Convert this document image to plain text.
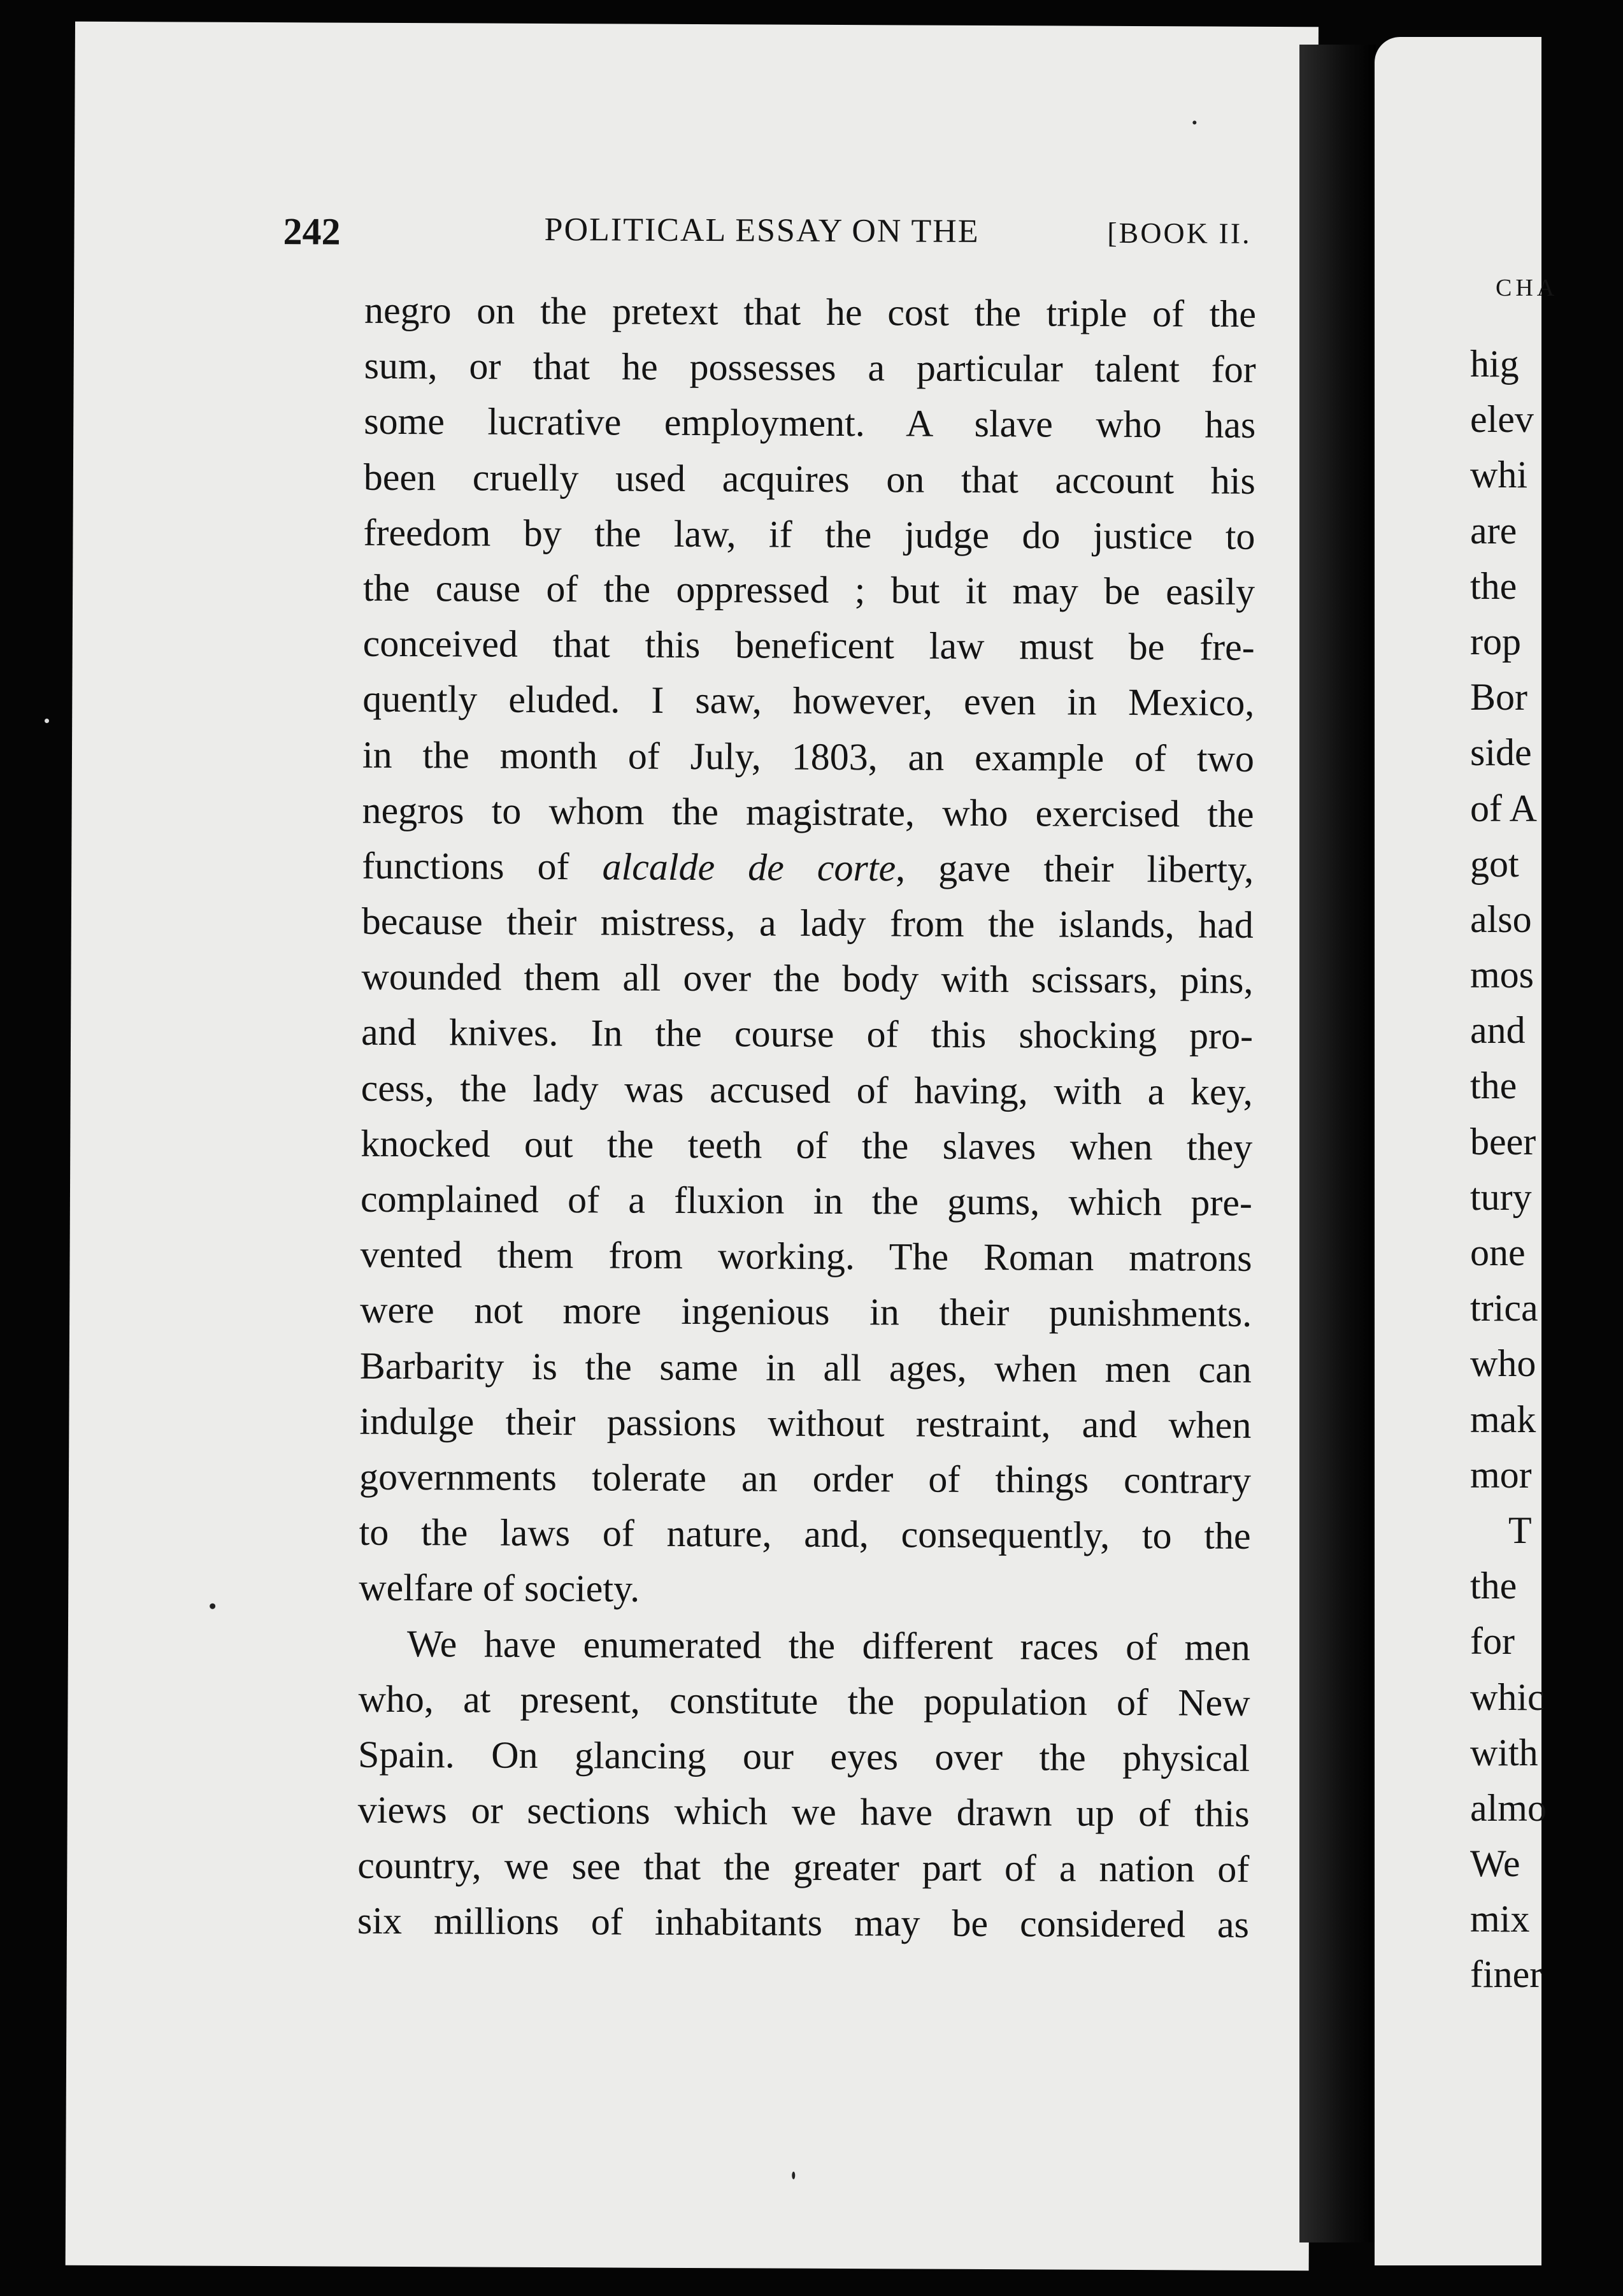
242	POLITICAL ESSAY ON THE	[BOOK II.
negro on the pretext that he cost the triple of the
sum, or that he possesses a particular talent for
some lucrative employment. A slave who has
been cruelly used acquires on that account his
freedom by the law, if the judge do justice to
the cause of the oppressed ; but it may be easily
conceived that this beneficent law must be fre-
quently eluded. I saw, however, even in Mexico,
in the month of July, 1803, an example of two
negros to whom the magistrate, who exercised the
functions of alcalde de corte, gave their liberty,
because their mistress, a lady from the islands, had
wounded them all over the body with scissars, pins,
and knives. In the course of this shocking pro-
cess, the lady was accused of having, with a key,
knocked out the teeth of the slaves when they
complained of a fluxion in the gums, which pre-
vented them from working. The Roman matrons
were not more ingenious in their punishments.
Barbarity is the same in all ages, when men can
indulge their passions without restraint, and when
governments tolerate an order of things contrary
to the laws of nature, and, consequently, to the
welfare of society.
We have enumerated the different races of men
who, at present, constitute the population of New
Spain. On glancing our eyes over the physical
views or sections which we have drawn up of this
country, we see that the greater part of a nation of
six millions of inhabitants may be considered as
CHA
hig
elev
whi
are
the
rop
Bor
side
of A
got
also
mos
and
the
beer
tury
one
trica
who
mak
mor
T
the
for
whic
with
almo
We
mix
finer
